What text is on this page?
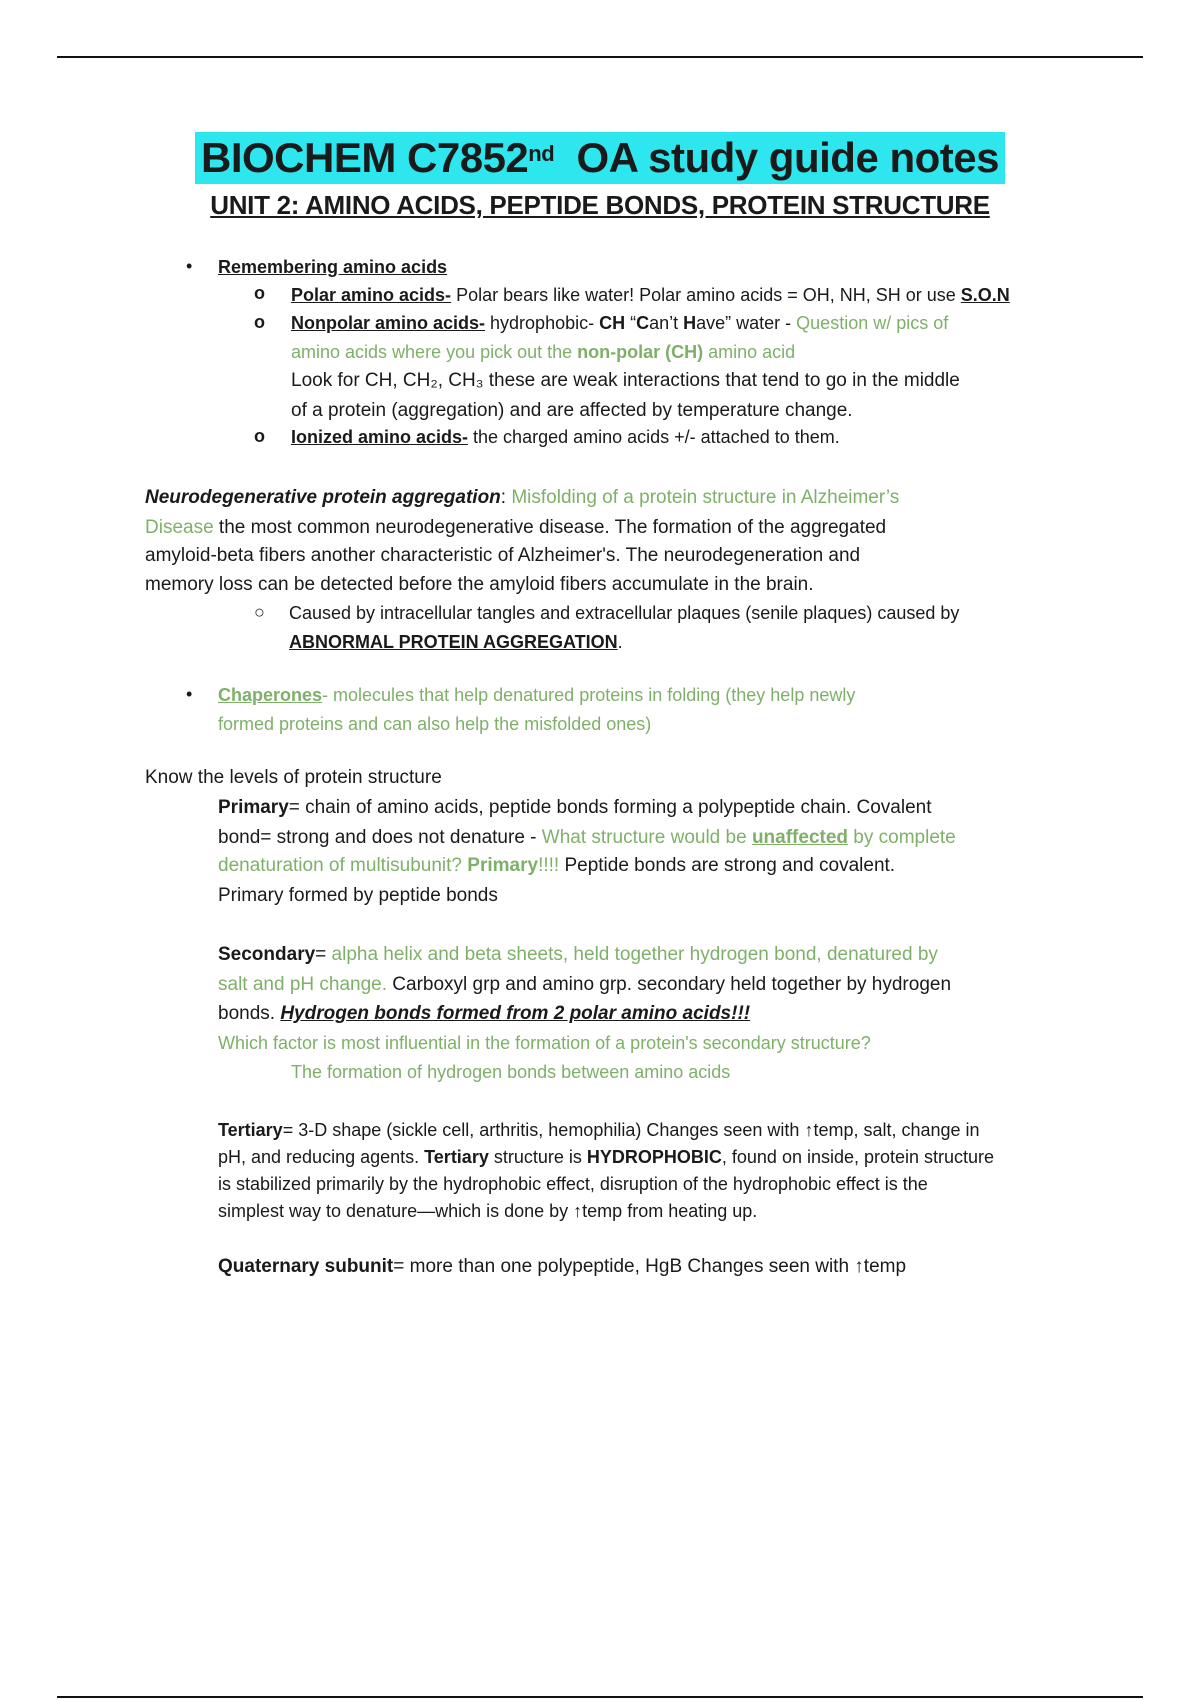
BIOCHEM C7852nd OA study guide notes
UNIT 2: AMINO ACIDS, PEPTIDE BONDS, PROTEIN STRUCTURE
• Remembering amino acids
o Polar amino acids- Polar bears like water! Polar amino acids = OH, NH, SH or use S.O.N
o Nonpolar amino acids- hydrophobic- CH “Can’t Have” water - Question w/ pics of
amino acids where you pick out the non-polar (CH) amino acid
Look for CH, CH₂, CH₃ these are weak interactions that tend to go in the middle
of a protein (aggregation) and are affected by temperature change.
o Ionized amino acids- the charged amino acids +/- attached to them.
Neurodegenerative protein aggregation: Misfolding of a protein structure in Alzheimer’s
Disease the most common neurodegenerative disease. The formation of the aggregated
amyloid-beta fibers another characteristic of Alzheimer's. The neurodegeneration and
memory loss can be detected before the amyloid fibers accumulate in the brain.
○ Caused by intracellular tangles and extracellular plaques (senile plaques) caused by
ABNORMAL PROTEIN AGGREGATION.
• Chaperones- molecules that help denatured proteins in folding (they help newly
formed proteins and can also help the misfolded ones)
Know the levels of protein structure
Primary= chain of amino acids, peptide bonds forming a polypeptide chain. Covalent
bond= strong and does not denature - What structure would be unaffected by complete
denaturation of multisubunit? Primary!!!! Peptide bonds are strong and covalent.
Primary formed by peptide bonds
Secondary= alpha helix and beta sheets, held together hydrogen bond, denatured by
salt and pH change. Carboxyl grp and amino grp. secondary held together by hydrogen
bonds. Hydrogen bonds formed from 2 polar amino acids!!!
Which factor is most influential in the formation of a protein's secondary structure?
The formation of hydrogen bonds between amino acids
Tertiary= 3-D shape (sickle cell, arthritis, hemophilia) Changes seen with ↑temp, salt, change in
pH, and reducing agents. Tertiary structure is HYDROPHOBIC, found on inside, protein structure
is stabilized primarily by the hydrophobic effect, disruption of the hydrophobic effect is the
simplest way to denature—which is done by ↑temp from heating up.
Quaternary subunit= more than one polypeptide, HgB Changes seen with ↑temp
